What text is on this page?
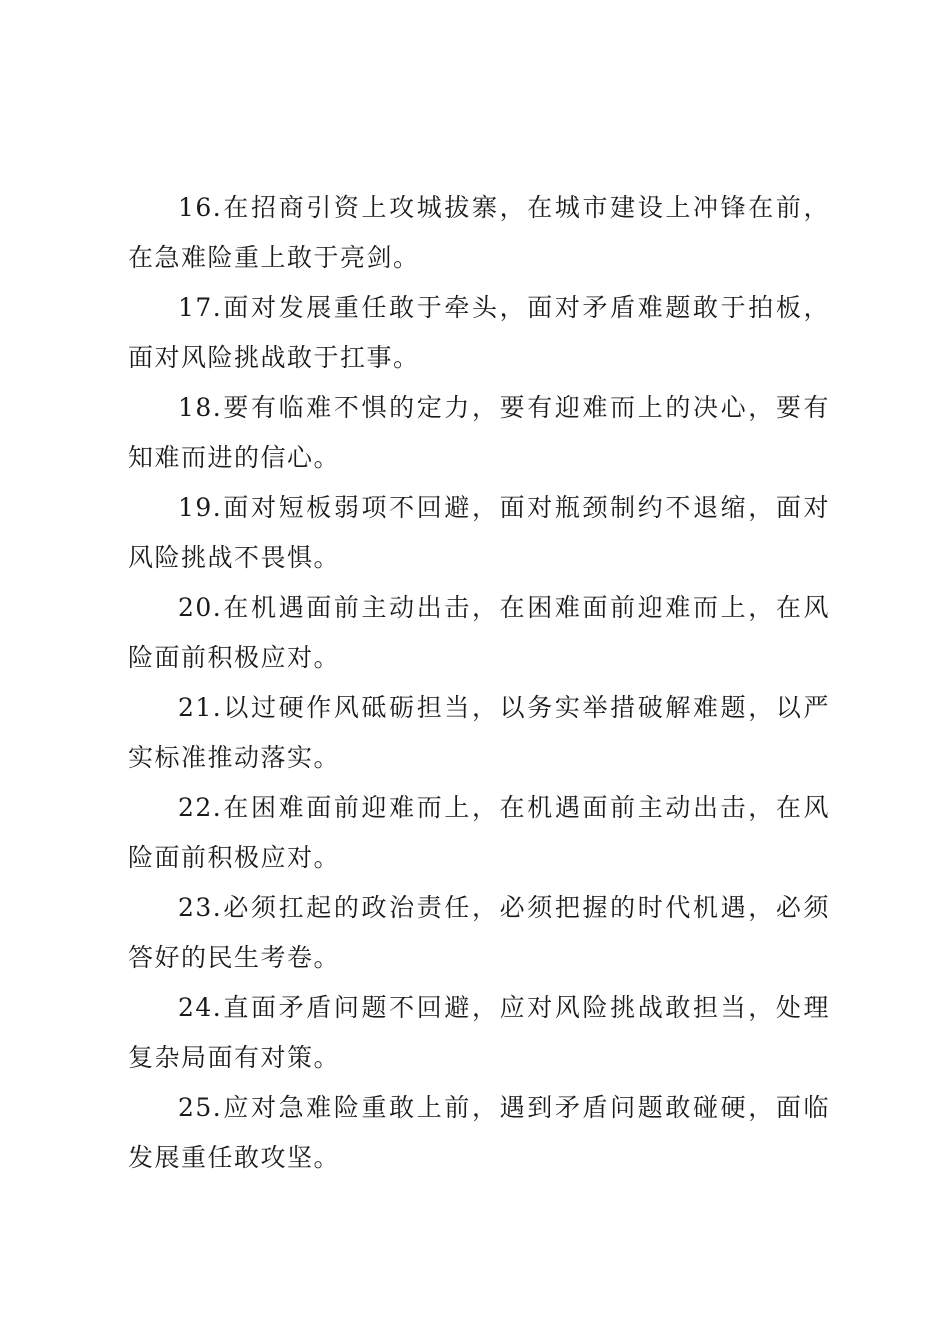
16.在招商引资上攻城拔寨，在城市建设上冲锋在前，在急难险重上敢于亮剑。

17.面对发展重任敢于牵头，面对矛盾难题敢于拍板，面对风险挑战敢于扛事。

18.要有临难不惧的定力，要有迎难而上的决心，要有知难而进的信心。

19.面对短板弱项不回避，面对瓶颈制约不退缩，面对风险挑战不畏惧。

20.在机遇面前主动出击，在困难面前迎难而上，在风险面前积极应对。

21.以过硬作风砥砺担当，以务实举措破解难题，以严实标准推动落实。

22.在困难面前迎难而上，在机遇面前主动出击，在风险面前积极应对。

23.必须扛起的政治责任，必须把握的时代机遇，必须答好的民生考卷。

24.直面矛盾问题不回避，应对风险挑战敢担当，处理复杂局面有对策。

25.应对急难险重敢上前，遇到矛盾问题敢碰硬，面临发展重任敢攻坚。
